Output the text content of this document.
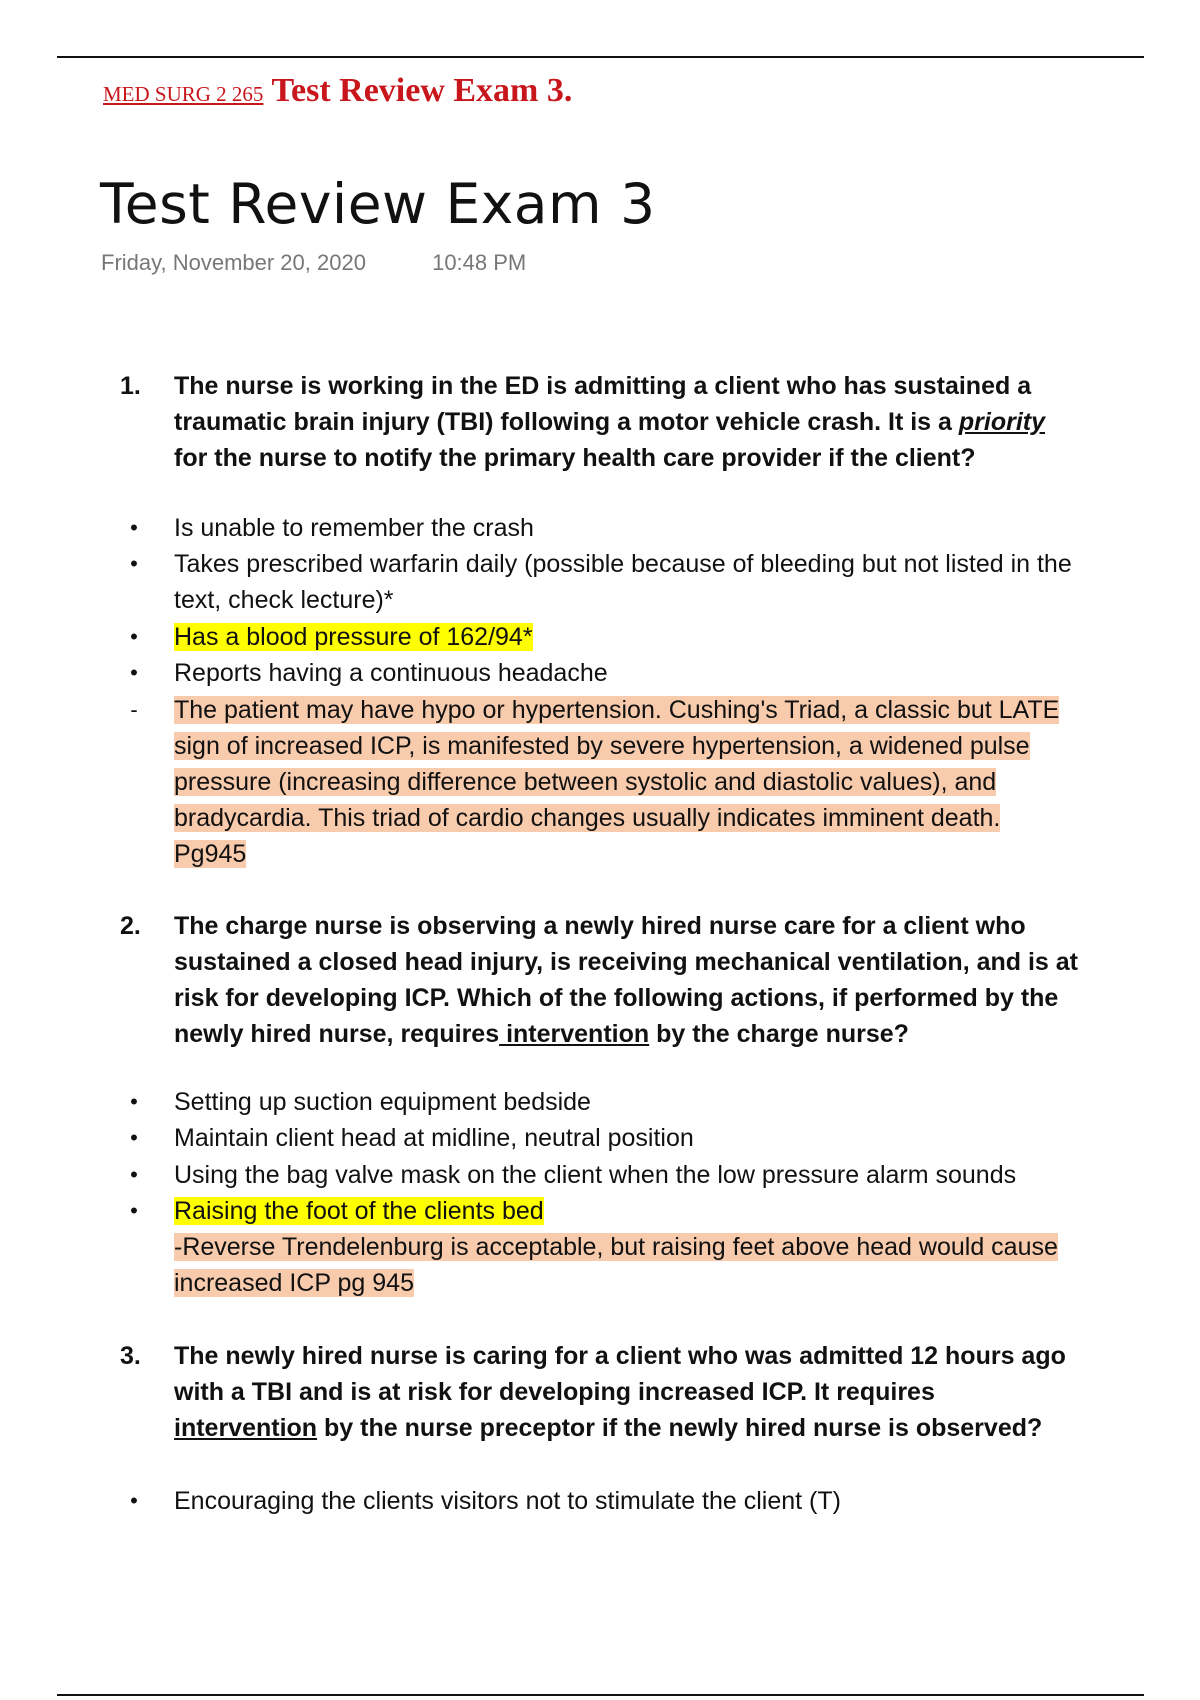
MED SURG 2 265 Test Review Exam 3.
Test Review Exam 3
Friday, November 20, 2020	10:48 PM
1. The nurse is working in the ED is admitting a client who has sustained a traumatic brain injury (TBI) following a motor vehicle crash. It is a priority for the nurse to notify the primary health care provider if the client?
• Is unable to remember the crash
• Takes prescribed warfarin daily (possible because of bleeding but not listed in the text, check lecture)*
• Has a blood pressure of 162/94*
• Reports having a continuous headache
- The patient may have hypo or hypertension. Cushing's Triad, a classic but LATE sign of increased ICP, is manifested by severe hypertension, a widened pulse pressure (increasing difference between systolic and diastolic values), and bradycardia. This triad of cardio changes usually indicates imminent death. Pg945
2. The charge nurse is observing a newly hired nurse care for a client who sustained a closed head injury, is receiving mechanical ventilation, and is at risk for developing ICP. Which of the following actions, if performed by the newly hired nurse, requires intervention by the charge nurse?
• Setting up suction equipment bedside
• Maintain client head at midline, neutral position
• Using the bag valve mask on the client when the low pressure alarm sounds
• Raising the foot of the clients bed
-Reverse Trendelenburg is acceptable, but raising feet above head would cause increased ICP pg 945
3. The newly hired nurse is caring for a client who was admitted 12 hours ago with a TBI and is at risk for developing increased ICP. It requires intervention by the nurse preceptor if the newly hired nurse is observed?
• Encouraging the clients visitors not to stimulate the client (T)
